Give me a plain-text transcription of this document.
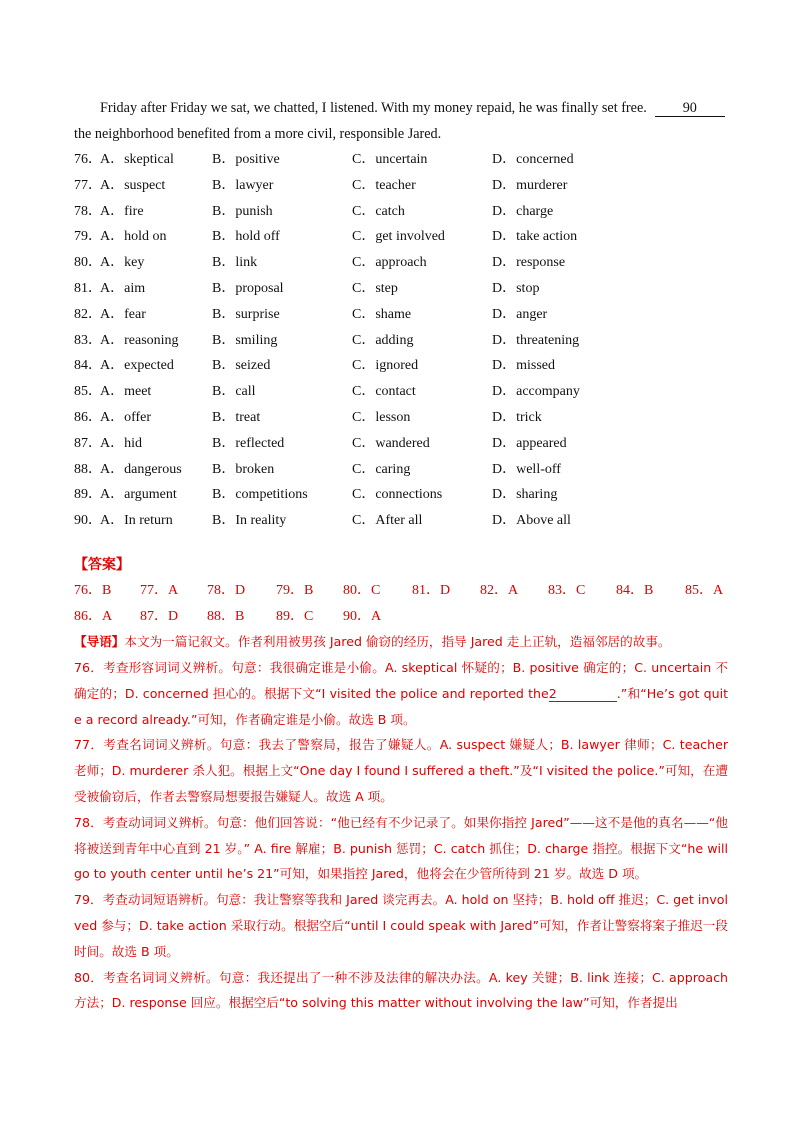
Friday after Friday we sat, we chatted, I listened. With my money repaid, he was finally set free.	90
the neighborhood benefited from a more civil, responsible Jared.
76．
A．skeptical	B．positive	C．uncertain	D．concerned
77．
A．suspect	B．lawyer	C．teacher	D．murderer
78．
A．fire	B．punish	C．catch	D．charge
79．
A．hold on	B．hold off	C．get involved	D．take action
80．
A．key	B．link	C．approach	D．response
81．
A．aim	B．proposal	C．step	D．stop
82．
A．fear	B．surprise	C．shame	D．anger
83．
A．reasoning B．smiling	C．adding	D．threatening
84．
A．expected	B．seized	C．ignored	D．missed
85．
A．meet	B．call	C．contact	D．accompany
86．
A．offer	B．treat	C．lesson	D．trick
87．
A．hid	B．reflected	C．wandered	D．appeared
88．
A．dangerous B．broken	C．caring	D．well-off
89．
A．argument	B．competitions	C．connections	D．sharing
90．
A．In return	B．In reality	C．After all	D．Above all
【答案】
76．B 77．A 78．D 79．B 80．C 81．D 82．A 83．C 84．B 85．A
86．A 87．D 88．B 89．C 90．A
【导语】本文为一篇记叙文。作者利用被男孩 Jared 偷窃的经历，指导 Jared 走上正轨，造福邻居的故事。
76．考查形容词词义辨析。句意：我很确定谁是小偷。A. skeptical 怀疑的；B. positive 确定的；C. uncertain 不确定的；D. concerned 担心的。根据下文“I visited the police and reported the2	.”和“He’s got quite a record already.”可知，作者确定谁是小偷。故选 B 项。
77．考查名词词义辨析。句意：我去了警察局，报告了嫌疑人。A. suspect 嫌疑人；B. lawyer 律师；C. teacher 老师；D. murderer 杀人犯。根据上文“One day I found I suffered a theft.”及“I visited the police.”可知，在遭受被偷窃后，作者去警察局想要报告嫌疑人。故选 A 项。
78．考查动词词义辨析。句意：他们回答说：“他已经有不少记录了。如果你指控 Jared”——这不是他的真名——“他将被送到青年中心直到 21 岁。” A. fire 解雇；B. punish 惩罚；C. catch 抓住；D. charge 指控。根据下文“he will go to youth center until he’s 21”可知，如果指控 Jared，他将会在少管所待到 21 岁。故选 D 项。
79．考查动词短语辨析。句意：我让警察等我和 Jared 谈完再去。A. hold on 坚持；B. hold off 推迟；C. get involved 参与；D. take action 采取行动。根据空后“until I could speak with Jared”可知，作者让警察将案子推迟一段时间。故选 B 项。
80．考查名词词义辨析。句意：我还提出了一种不涉及法律的解决办法。A. key 关键；B. link 连接；C. approach 方法；D. response 回应。根据空后“to solving this matter without involving the law”可知，作者提出
